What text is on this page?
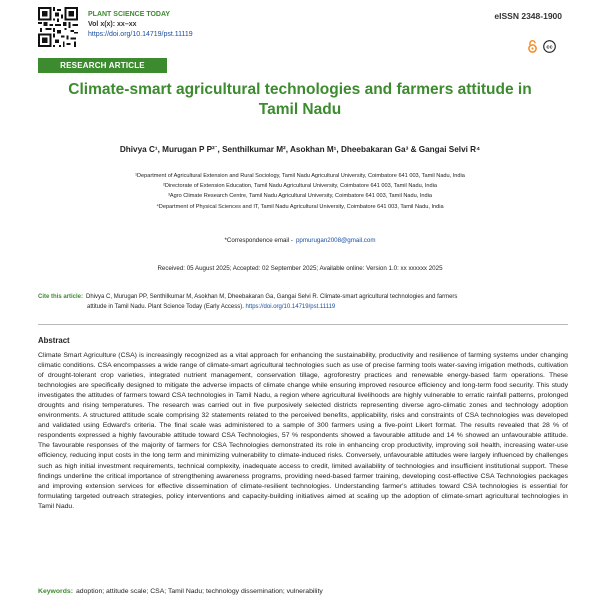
PLANT SCIENCE TODAY
Vol x(x): xx–xx
https://doi.org/10.14719/pst.11119
eISSN 2348-1900
cc
RESEARCH ARTICLE
Climate-smart agricultural technologies and farmers attitude in
Tamil Nadu
Dhivya C¹, Murugan P P²˙, Senthilkumar M², Asokhan M¹, Dheebakaran Ga³ & Gangai Selvi R⁴
¹Department of Agricultural Extension and Rural Sociology, Tamil Nadu Agricultural University, Coimbatore 641 003, Tamil Nadu, India
²Directorate of Extension Education, Tamil Nadu Agricultural University, Coimbatore 641 003, Tamil Nadu, India
³Agro Climate Research Centre, Tamil Nadu Agricultural University, Coimbatore 641 003, Tamil Nadu, India
⁴Department of Physical Sciences and IT, Tamil Nadu Agricultural University, Coimbatore 641 003, Tamil Nadu, India
*Correspondence email - ppmurugan2008@gmail.com
Received: 05 August 2025; Accepted: 02 September 2025; Available online: Version 1.0: xx xxxxxx 2025
Cite this article: Dhivya C, Murugan PP, Senthilkumar M, Asokhan M, Dheebakaran Ga, Gangai Selvi R. Climate-smart agricultural technologies and farmers
attitude in Tamil Nadu. Plant Science Today (Early Access). https://doi.org/10.14719/pst.11119
Abstract

Climate Smart Agriculture (CSA) is increasingly recognized as a vital approach for enhancing the sustainability, productivity and resilience of farming systems under changing climatic conditions. CSA encompasses a wide range of climate-smart agricultural technologies such as use of precise farming tools water-saving irrigation methods, cultivation of drought-tolerant crop varieties, integrated nutrient management, conservation tillage, agroforestry practices and renewable energy-based farm operations. These technologies are specifically designed to mitigate the adverse impacts of climate change while ensuring improved resource efficiency and long-term food security. This study investigates the attitudes of farmers toward CSA technologies in Tamil Nadu, a region where agricultural livelihoods are highly vulnerable to erratic rainfall patterns, prolonged droughts and rising temperatures. The research was carried out in five purposively selected districts representing diverse agro-climatic zones and technology adoption environments. A structured attitude scale comprising 32 statements related to the perceived benefits, applicability, risks and constraints of CSA technologies was developed and validated using Edward's criteria. The final scale was administered to a sample of 300 farmers using a five-point Likert format. The results revealed that 28 % of respondents expressed a highly favourable attitude toward CSA Technologies, 57 % respondents showed a favourable attitude and 14 % showed an unfavourable attitude. The favourable responses of the majority of farmers for CSA Technologies demonstrated its role in enhancing crop productivity, improving soil health, increasing water-use efficiency, reducing input costs in the long term and minimizing vulnerability to climate-induced risks. Conversely, unfavourable attitudes were largely influenced by challenges such as high initial investment requirements, technical complexity, inadequate access to credit, limited availability of technologies and insufficient institutional support. These findings underline the critical importance of strengthening awareness programs, providing need-based farmer training, developing cost-effective CSA Technologies packages and improving extension services for effective dissemination of climate-resilient technologies. Understanding farmer's attitudes toward CSA technologies is essential for formulating targeted outreach strategies, policy interventions and capacity-building initiatives aimed at scaling up the adoption of climate-smart agricultural technologies in Tamil Nadu.

Keywords: adoption; attitude scale; CSA; Tamil Nadu; technology dissemination; vulnerability
